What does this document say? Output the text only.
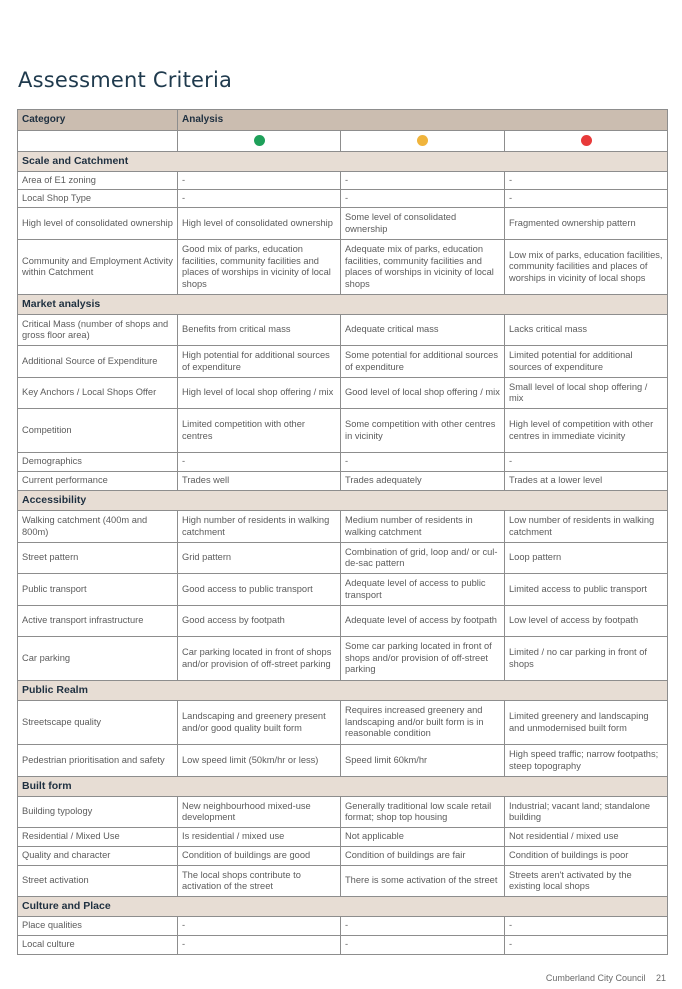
Assessment Criteria
Category	Analysis		

Scale and Catchment			
Area of E1 zoning	-	-	-
Local Shop Type	-	-	-
High level of consolidated ownership	High level of consolidated ownership	Some level of consolidated ownership	Fragmented ownership pattern
Community and Employment Activity within Catchment	Good mix of parks, education facilities, community facilities and places of worships in vicinity of local shops	Adequate mix of parks, education facilities, community facilities and places of worships in vicinity of local shops	Low mix of parks, education facilities, community facilities and places of worships in vicinity of local shops
Market analysis			
Critical Mass (number of shops and gross floor area)	Benefits from critical mass	Adequate critical mass	Lacks critical mass
Additional Source of Expenditure	High potential for additional sources of expenditure	Some potential for additional sources of expenditure	Limited potential for additional sources of expenditure
Key Anchors / Local Shops Offer	High level of local shop offering / mix	Good level of local shop offering / mix	Small level of local shop offering / mix
Competition	Limited competition with other centres	Some competition with other centres in vicinity	High level of competition with other centres in immediate vicinity
Demographics	-	-	-
Current performance	Trades well	Trades adequately	Trades at a lower level
Accessibility			
Walking catchment (400m and 800m)	High number of residents in walking catchment	Medium number of residents in walking catchment	Low number of residents in walking catchment
Street pattern	Grid pattern	Combination of grid, loop and/ or cul-de-sac pattern	Loop pattern
Public transport	Good access to public transport	Adequate level of access to public transport	Limited access to public transport
Active transport infrastructure	Good access by footpath	Adequate level of access by footpath	Low level of access by footpath
Car parking	Car parking located in front of shops and/or provision of off-street parking	Some car parking located in front of shops and/or provision of off-street parking	Limited / no car parking in front of shops
Public Realm			
Streetscape quality	Landscaping and greenery present and/or good quality built form	Requires increased greenery and landscaping and/or built form is in reasonable condition	Limited greenery and landscaping and unmodernised built form
Pedestrian prioritisation and safety	Low speed limit (50km/hr or less)	Speed limit 60km/hr	High speed traffic; narrow footpaths; steep topography
Built form			
Building typology	New neighbourhood mixed-use development	Generally traditional low scale retail format; shop top housing	Industrial; vacant land; standalone building
Residential / Mixed Use	Is residential / mixed use	Not applicable	Not residential / mixed use
Quality and character	Condition of buildings are good	Condition of buildings are fair	Condition of buildings is poor
Street activation	The local shops contribute to activation of the street	There is some activation of the street	Streets aren't activated by the existing local shops
Culture and Place			
Place qualities	-	-	-
Local culture	-	-	-
Cumberland City Council 21
